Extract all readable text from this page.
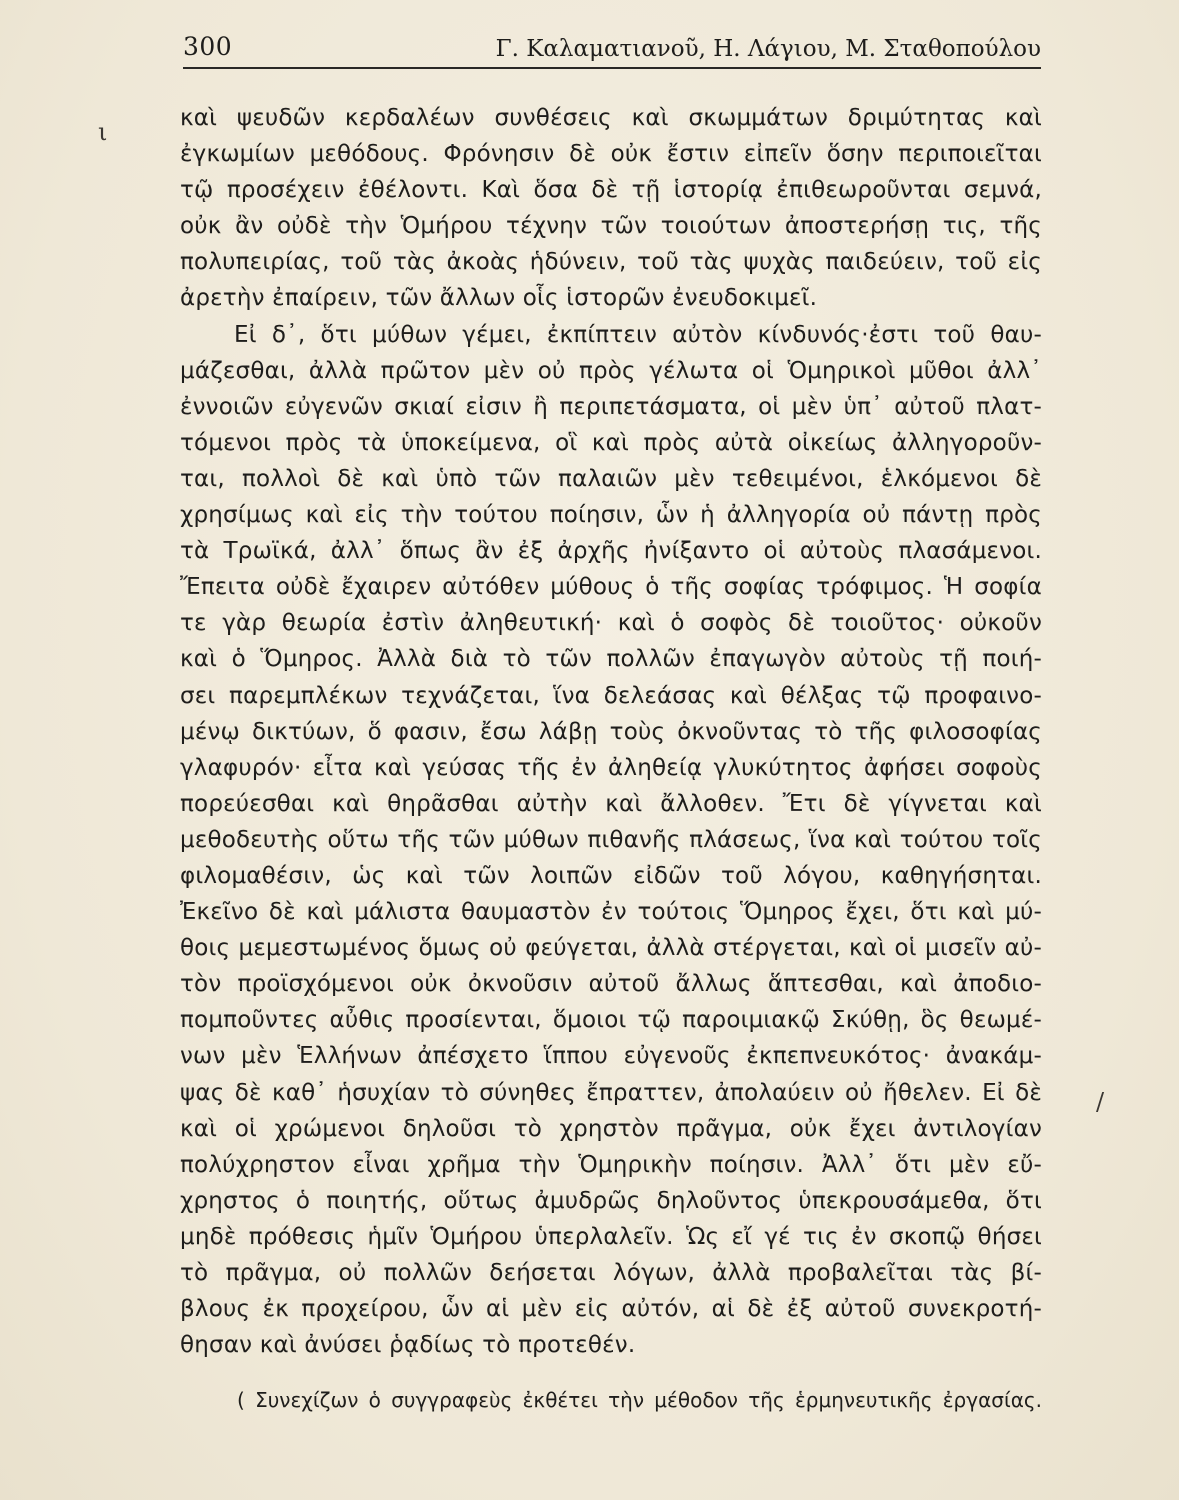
300	Γ. Καλαματιανοῦ, Η. Λάγιου, Μ. Σταθοπούλου
ι
/
καὶ ψευδῶν κερδαλέων συνθέσεις καὶ σκωμμάτων δριμύτητας καὶ
ἐγκωμίων μεθόδους. Φρόνησιν δὲ οὐκ ἔστιν εἰπεῖν ὅσην περιποιεῖται
τῷ προσέχειν ἐθέλοντι. Καὶ ὅσα δὲ τῇ ἱστορίᾳ ἐπιθεωροῦνται σεμνά,
οὐκ ἂν οὐδὲ τὴν Ὁμήρου τέχνην τῶν τοιούτων ἀποστερήσῃ τις, τῆς
πολυπειρίας, τοῦ τὰς ἀκοὰς ἡδύνειν, τοῦ τὰς ψυχὰς παιδεύειν, τοῦ εἰς
ἀρετὴν ἐπαίρειν, τῶν ἄλλων οἷς ἱστορῶν ἐνευδοκιμεῖ.
Εἰ δ᾽, ὅτι μύθων γέμει, ἐκπίπτειν αὐτὸν κίνδυνός·ἐστι τοῦ θαυ-
μάζεσθαι, ἀλλὰ πρῶτον μὲν οὐ πρὸς γέλωτα οἱ Ὁμηρικοὶ μῦθοι ἀλλ᾽
ἐννοιῶν εὐγενῶν σκιαί εἰσιν ἢ περιπετάσματα, οἱ μὲν ὑπ᾽ αὐτοῦ πλατ-
τόμενοι πρὸς τὰ ὑποκείμενα, οἳ καὶ πρὸς αὐτὰ οἰκείως ἀλληγοροῦν-
ται, πολλοὶ δὲ καὶ ὑπὸ τῶν παλαιῶν μὲν τεθειμένοι, ἑλκόμενοι δὲ
χρησίμως καὶ εἰς τὴν τούτου ποίησιν, ὧν ἡ ἀλληγορία οὐ πάντῃ πρὸς
τὰ Τρωϊκά, ἀλλ᾽ ὅπως ἂν ἐξ ἀρχῆς ἠνίξαντο οἱ αὐτοὺς πλασάμενοι.
Ἔπειτα οὐδὲ ἔχαιρεν αὐτόθεν μύθους ὁ τῆς σοφίας τρόφιμος. Ἡ σοφία
τε γὰρ θεωρία ἐστὶν ἀληθευτική· καὶ ὁ σοφὸς δὲ τοιοῦτος· οὐκοῦν
καὶ ὁ Ὅμηρος. Ἀλλὰ διὰ τὸ τῶν πολλῶν ἐπαγωγὸν αὐτοὺς τῇ ποιή-
σει παρεμπλέκων τεχνάζεται, ἵνα δελεάσας καὶ θέλξας τῷ προφαινο-
μένῳ δικτύων, ὅ φασιν, ἔσω λάβῃ τοὺς ὀκνοῦντας τὸ τῆς φιλοσοφίας
γλαφυρόν· εἶτα καὶ γεύσας τῆς ἐν ἀληθείᾳ γλυκύτητος ἀφήσει σοφοὺς
πορεύεσθαι καὶ θηρᾶσθαι αὐτὴν καὶ ἄλλοθεν. Ἔτι δὲ γίγνεται καὶ
μεθοδευτὴς οὕτω τῆς τῶν μύθων πιθανῆς πλάσεως, ἵνα καὶ τούτου τοῖς
φιλομαθέσιν, ὡς καὶ τῶν λοιπῶν εἰδῶν τοῦ λόγου, καθηγήσηται.
Ἐκεῖνο δὲ καὶ μάλιστα θαυμαστὸν ἐν τούτοις Ὅμηρος ἔχει, ὅτι καὶ μύ-
θοις μεμεστωμένος ὅμως οὐ φεύγεται, ἀλλὰ στέργεται, καὶ οἱ μισεῖν αὐ-
τὸν προϊσχόμενοι οὐκ ὀκνοῦσιν αὐτοῦ ἄλλως ἅπτεσθαι, καὶ ἀποδιο-
πομποῦντες αὖθις προσίενται, ὅμοιοι τῷ παροιμιακῷ Σκύθῃ, ὃς θεωμέ-
νων μὲν Ἑλλήνων ἀπέσχετο ἵππου εὐγενοῦς ἐκπεπνευκότος· ἀνακάμ-
ψας δὲ καθ᾽ ἡσυχίαν τὸ σύνηθες ἔπραττεν, ἀπολαύειν οὐ ἤθελεν. Εἰ δὲ
καὶ οἱ χρώμενοι δηλοῦσι τὸ χρηστὸν πρᾶγμα, οὐκ ἔχει ἀντιλογίαν
πολύχρηστον εἶναι χρῆμα τὴν Ὁμηρικὴν ποίησιν. Ἀλλ᾽ ὅτι μὲν εὔ-
χρηστος ὁ ποιητής, οὕτως ἀμυδρῶς δηλοῦντος ὑπεκρουσάμεθα, ὅτι
μηδὲ πρόθεσις ἡμῖν Ὁμήρου ὑπερλαλεῖν. Ὡς εἴ γέ τις ἐν σκοπῷ θήσει
τὸ πρᾶγμα, οὐ πολλῶν δεήσεται λόγων, ἀλλὰ προβαλεῖται τὰς βί-
βλους ἐκ προχείρου, ὧν αἱ μὲν εἰς αὐτόν, αἱ δὲ ἐξ αὐτοῦ συνεκροτή-
θησαν καὶ ἀνύσει ῥᾳδίως τὸ προτεθέν.
( Συνεχίζων ὁ συγγραφεὺς ἐκθέτει τὴν μέθοδον τῆς ἑρμηνευτικῆς ἐργασίας.
